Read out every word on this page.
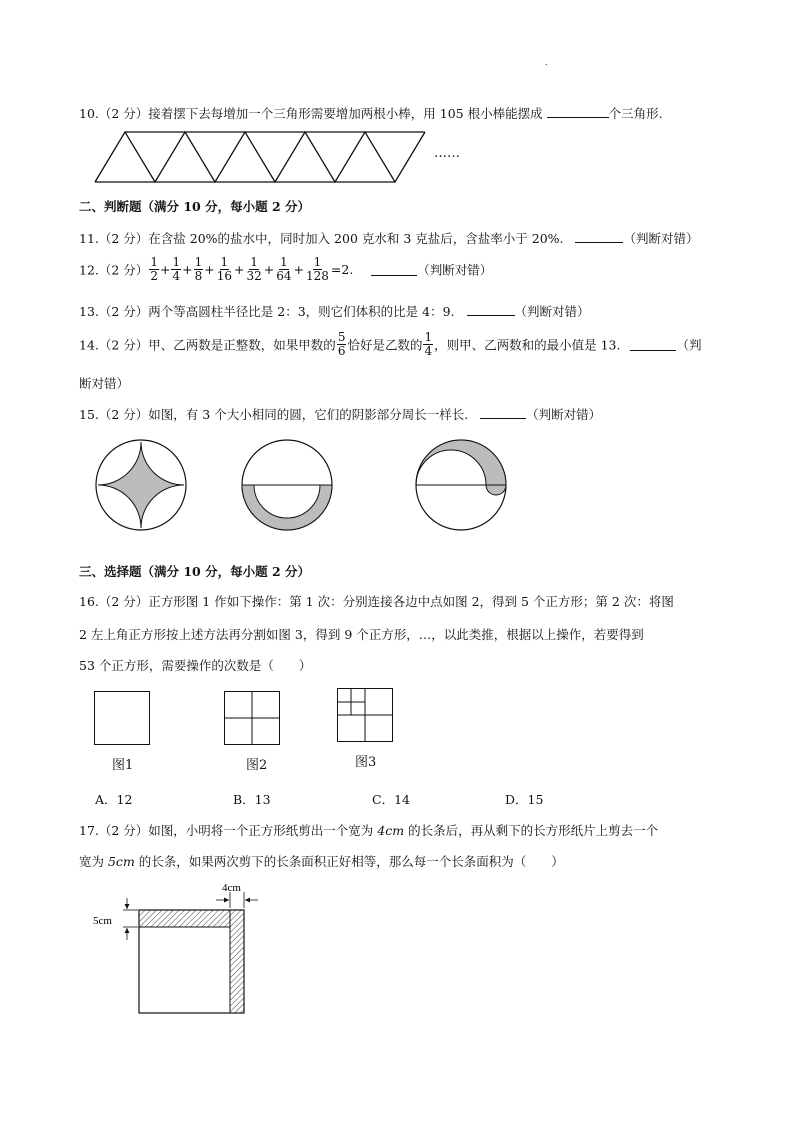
.
10.（2 分）接着摆下去每增加一个三角形需要增加两根小棒，用 105 根小棒能摆成	个三角形.
……
二、判断题（满分 10 分，每小题 2 分）
11.（2 分）在含盐 20%的盐水中，同时加入 200 克水和 3 克盐后，含盐率小于 20%.	（判断对错）
12.（2 分） $\frac{1}{2} + \frac{1}{4} + \frac{1}{8} + \frac{1}{16} + \frac{1}{32} + \frac{1}{64} + \frac{1}{128} =2$.	（判断对错）
13.（2 分）两个等高圆柱半径比是 2：3，则它们体积的比是 4：9.	（判断对错）
14.（2 分）甲、乙两数是正整数，如果甲数的 $\frac{5}{6}$ 恰好是乙数的 $\frac{1}{4}$ ，则甲、乙两数和的最小值是 13.	（判
断对错）
15.（2 分）如图，有 3 个大小相同的圆，它们的阴影部分周长一样长.	（判断对错）
三、选择题（满分 10 分，每小题 2 分）
16.（2 分）正方形图 1 作如下操作：第 1 次：分别连接各边中点如图 2，得到 5 个正方形；第 2 次：将图
2 左上角正方形按上述方法再分割如图 3，得到 9 个正方形，…，以此类推，根据以上操作，若要得到
53 个正方形，需要操作的次数是（　　）
图1	图2	图3
A．12	B．13	C．14	D．15
17.（2 分）如图，小明将一个正方形纸剪出一个宽为 4cm 的长条后，再从剩下的长方形纸片上剪去一个
宽为 5cm 的长条，如果两次剪下的长条面积正好相等，那么每一个长条面积为（　　）
4cm
5cm
